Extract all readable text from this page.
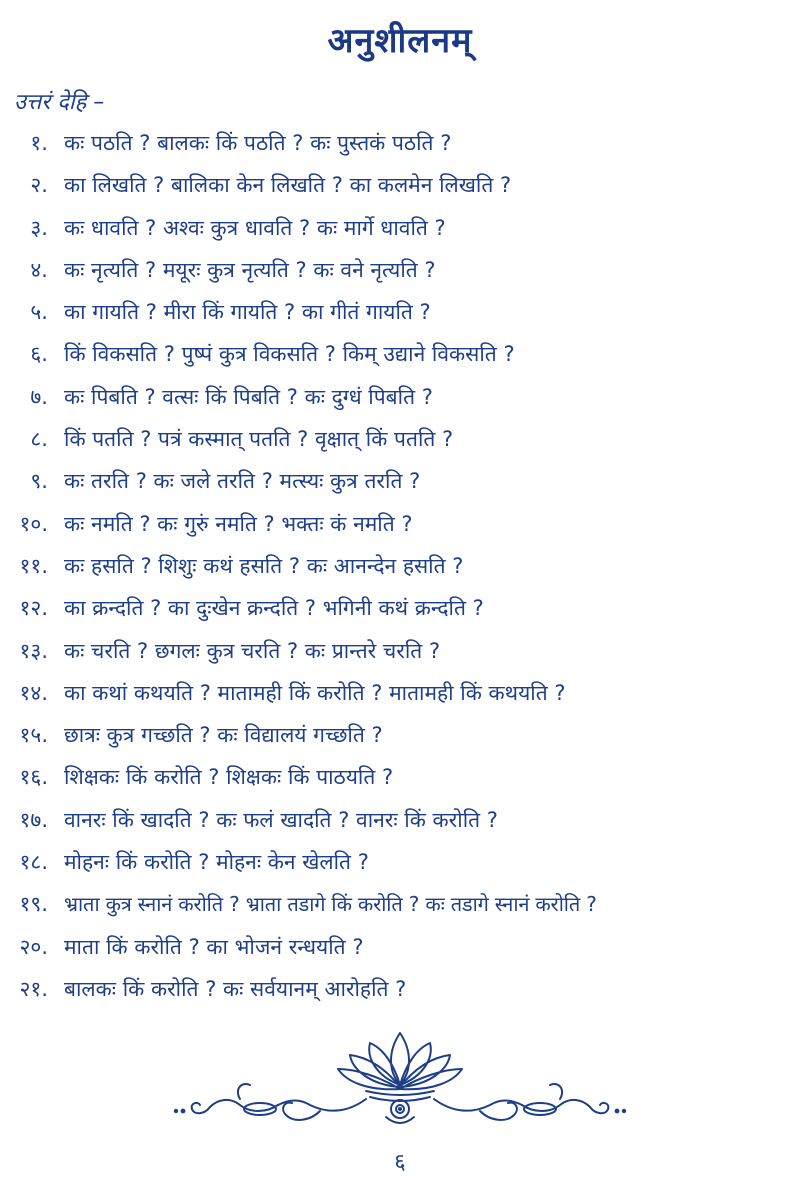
अनुशीलनम्
उत्तरं देहि –
१. कः पठति ? बालकः किं पठति ? कः पुस्तकं पठति ?
२. का लिखति ? बालिका केन लिखति ? का कलमेन लिखति ?
३. कः धावति ? अश्वः कुत्र धावति ? कः मार्गे धावति ?
४. कः नृत्यति ? मयूरः कुत्र नृत्यति ? कः वने नृत्यति ?
५. का गायति ? मीरा किं गायति ? का गीतं गायति ?
६. किं विकसति ? पुष्पं कुत्र विकसति ? किम् उद्याने विकसति ?
७. कः पिबति ? वत्सः किं पिबति ? कः दुग्धं पिबति ?
८. किं पतति ? पत्रं कस्मात् पतति ? वृक्षात् किं पतति ?
९. कः तरति ? कः जले तरति ? मत्स्यः कुत्र तरति ?
१०. कः नमति ? कः गुरुं नमति ? भक्तः कं नमति ?
११. कः हसति ? शिशुः कथं हसति ? कः आनन्देन हसति ?
१२. का क्रन्दति ? का दुःखेन क्रन्दति ? भगिनी कथं क्रन्दति ?
१३. कः चरति ? छगलः कुत्र चरति ? कः प्रान्तरे चरति ?
१४. का कथां कथयति ? मातामही किं करोति ? मातामही किं कथयति ?
१५. छात्रः कुत्र गच्छति ? कः विद्यालयं गच्छति ?
१६. शिक्षकः किं करोति ? शिक्षकः किं पाठयति ?
१७. वानरः किं खादति ? कः फलं खादति ? वानरः किं करोति ?
१८. मोहनः किं करोति ? मोहनः केन खेलति ?
१९. भ्राता कुत्र स्नानं करोति ? भ्राता तडागे किं करोति ? कः तडागे स्नानं करोति ?
२०. माता किं करोति ? का भोजनं रन्धयति ?
२१. बालकः किं करोति ? कः सर्वयानम् आरोहति ?
६
